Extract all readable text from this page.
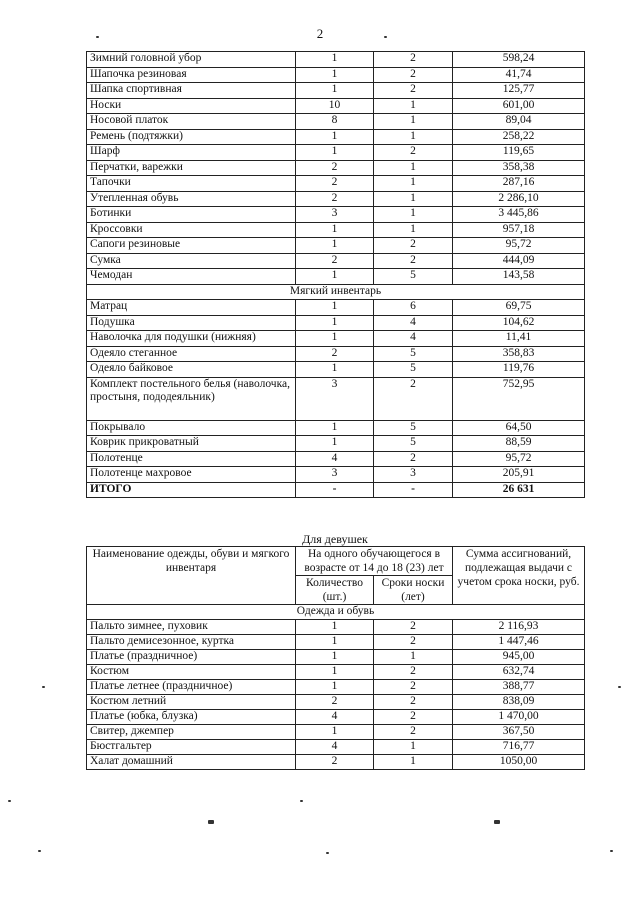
2
Зимний головной убор	1	2	598,24
Шапочка резиновая	1	2	41,74
Шапка спортивная	1	2	125,77
Носки	10	1	601,00
Носовой платок	8	1	89,04
Ремень (подтяжки)	1	1	258,22
Шарф	1	2	119,65
Перчатки, варежки	2	1	358,38
Тапочки	2	1	287,16
Утепленная обувь	2	1	2 286,10
Ботинки	3	1	3 445,86
Кроссовки	1	1	957,18
Сапоги резиновые	1	2	95,72
Сумка	2	2	444,09
Чемодан	1	5	143,58
Мягкий инвентарь			
Матрац	1	6	69,75
Подушка	1	4	104,62
Наволочка для подушки (нижняя)	1	4	11,41
Одеяло стеганное	2	5	358,83
Одеяло байковое	1	5	119,76
Комплект постельного белья (наволочка, простыня, пододеяльник)	3	2	752,95
Покрывало	1	5	64,50
Коврик прикроватный	1	5	88,59
Полотенце	4	2	95,72
Полотенце махровое	3	3	205,91
ИТОГО	-	-	26 631
Для девушек
Наименование одежды, обуви и мягкого инвентаря	На одного обучающегося в возрасте от 14 до 18 (23) лет		Сумма ассигнований, подлежащая выдачи с учетом срока носки, руб.
	Количество (шт.)	Сроки носки (лет)	
Одежда и обувь			
Пальто зимнее, пуховик	1	2	2 116,93
Пальто демисезонное, куртка	1	2	1 447,46
Платье (праздничное)	1	1	945,00
Костюм	1	2	632,74
Платье летнее (праздничное)	1	2	388,77
Костюм летний	2	2	838,09
Платье (юбка, блузка)	4	2	1 470,00
Свитер, джемпер	1	2	367,50
Бюстгальтер	4	1	716,77
Халат домашний	2	1	1050,00
